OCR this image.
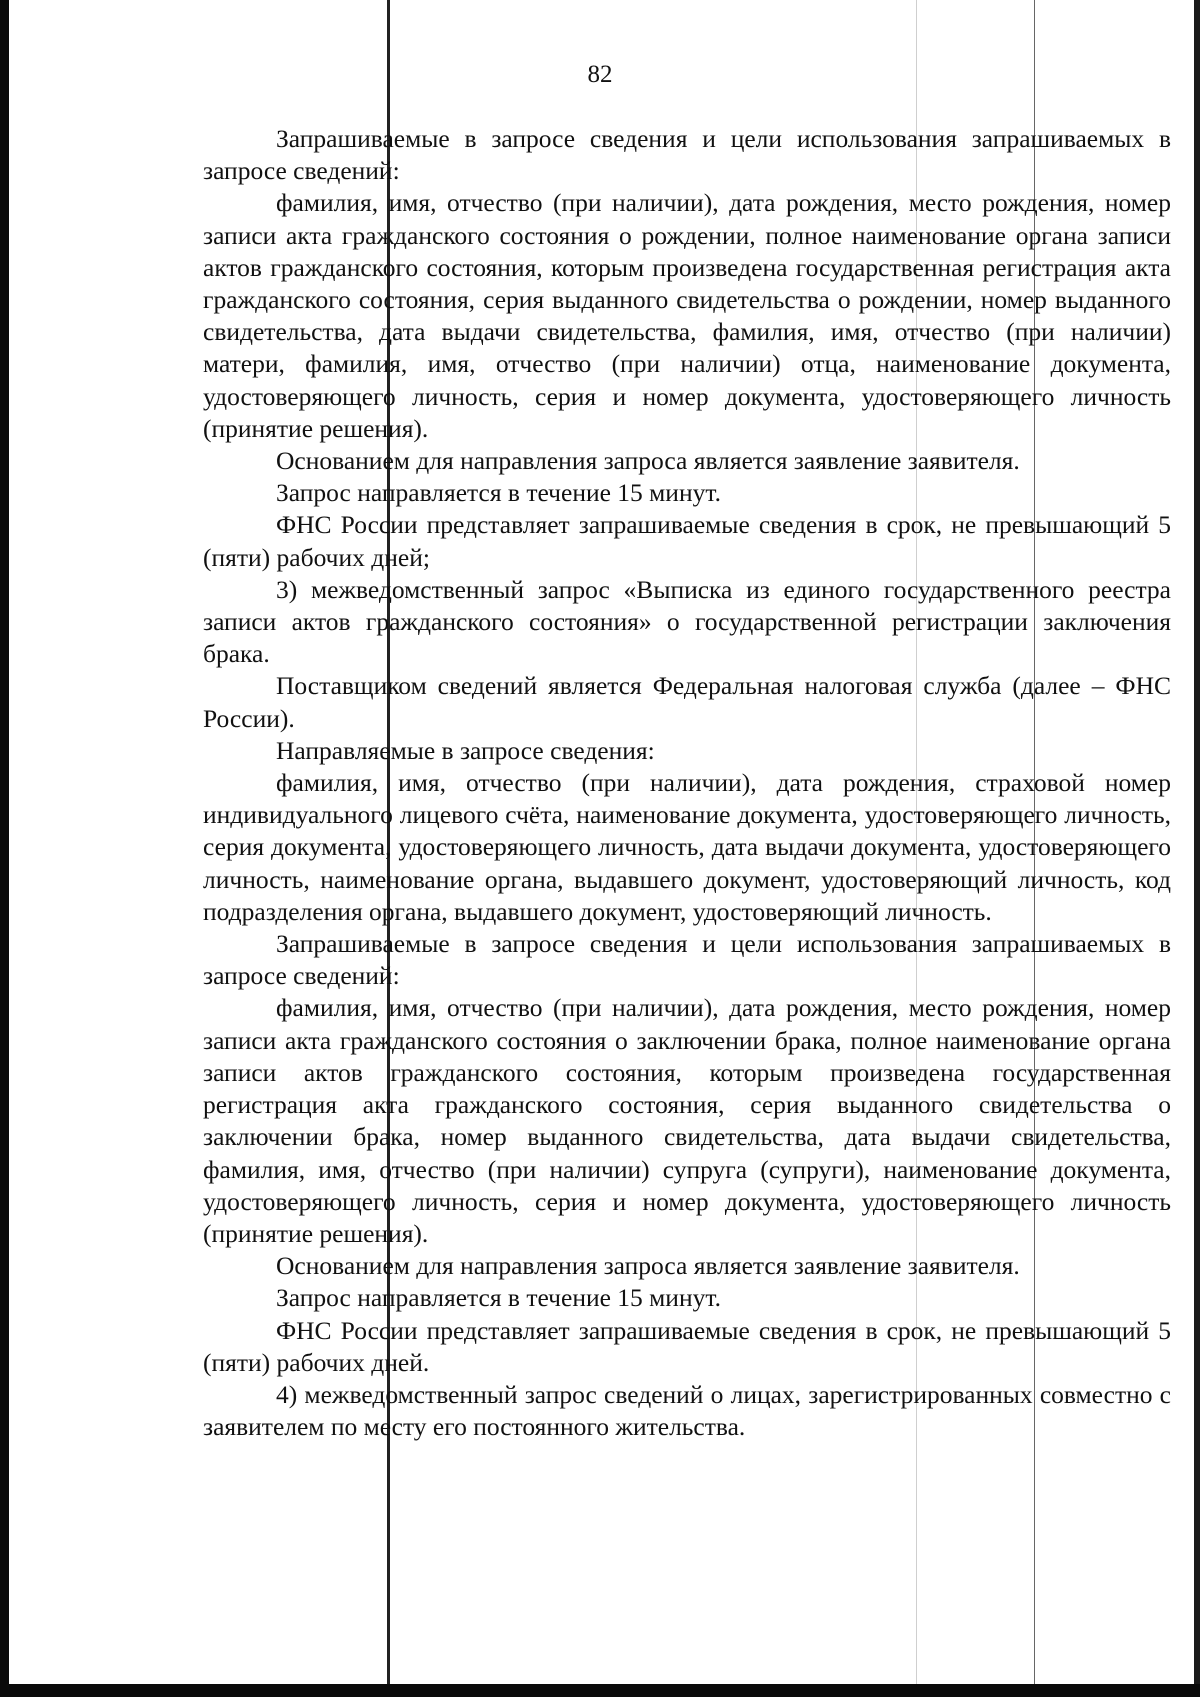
82

Запрашиваемые в запросе сведения и цели использования запрашиваемых в запросе сведений:

фамилия, имя, отчество (при наличии), дата рождения, место рождения, номер записи акта гражданского состояния о рождении, полное наименование органа записи актов гражданского состояния, которым произведена государственная регистрация акта гражданского состояния, серия выданного свидетельства о рождении, номер выданного свидетельства, дата выдачи свидетельства, фамилия, имя, отчество (при наличии) матери, фамилия, имя, отчество (при наличии) отца, наименование документа, удостоверяющего личность, серия и номер документа, удостоверяющего личность (принятие решения).

Основанием для направления запроса является заявление заявителя.

Запрос направляется в течение 15 минут.

ФНС России представляет запрашиваемые сведения в срок, не превышающий 5 (пяти) рабочих дней;

3) межведомственный запрос «Выписка из единого государственного реестра записи актов гражданского состояния» о государственной регистрации заключения брака.

Поставщиком сведений является Федеральная налоговая служба (далее – ФНС России).

Направляемые в запросе сведения:

фамилия, имя, отчество (при наличии), дата рождения, страховой номер индивидуального лицевого счёта, наименование документа, удостоверяющего личность, серия документа, удостоверяющего личность, дата выдачи документа, удостоверяющего личность, наименование органа, выдавшего документ, удостоверяющий личность, код подразделения органа, выдавшего документ, удостоверяющий личность.

Запрашиваемые в запросе сведения и цели использования запрашиваемых в запросе сведений:

фамилия, имя, отчество (при наличии), дата рождения, место рождения, номер записи акта гражданского состояния о заключении брака, полное наименование органа записи актов гражданского состояния, которым произведена государственная регистрация акта гражданского состояния, серия выданного свидетельства о заключении брака, номер выданного свидетельства, дата выдачи свидетельства, фамилия, имя, отчество (при наличии) супруга (супруги), наименование документа, удостоверяющего личность, серия и номер документа, удостоверяющего личность (принятие решения).

Основанием для направления запроса является заявление заявителя.

Запрос направляется в течение 15 минут.

ФНС России представляет запрашиваемые сведения в срок, не превышающий 5 (пяти) рабочих дней.

4) межведомственный запрос сведений о лицах, зарегистрированных совместно с заявителем по месту его постоянного жительства.
